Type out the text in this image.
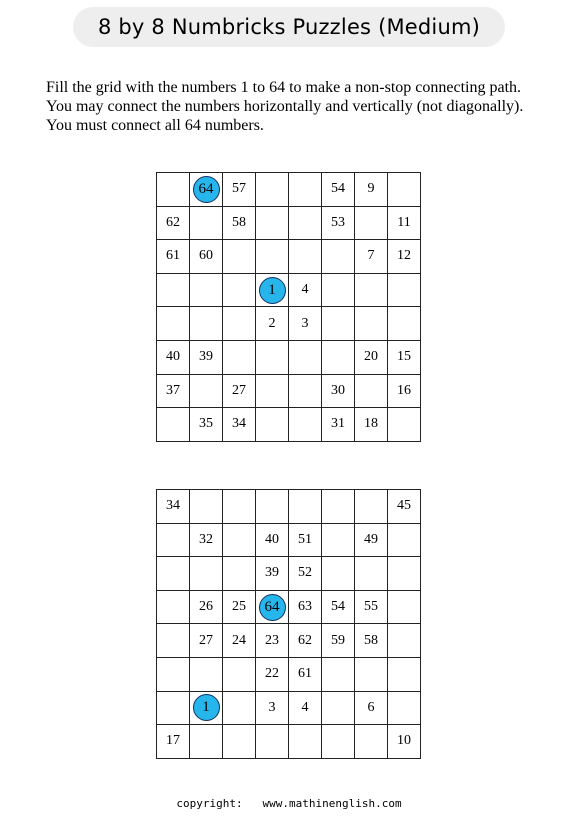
8 by 8 Numbricks Puzzles (Medium)
Fill the grid with the numbers 1 to 64 to make a non-stop connecting path.
You may connect the numbers horizontally and vertically (not diagonally).
You must connect all 64 numbers.
	64	57			54	9	
62		58			53		11
61	60					7	12
			1	4			
			2	3			
40	39					20	15
37		27			30		16
	35	34			31	18	
34							45
	32		40	51		49	
			39	52			
	26	25	64	63	54	55	
	27	24	23	62	59	58	
			22	61			
	1		3	4		6	
17							10
copyright: www.mathinenglish.com
